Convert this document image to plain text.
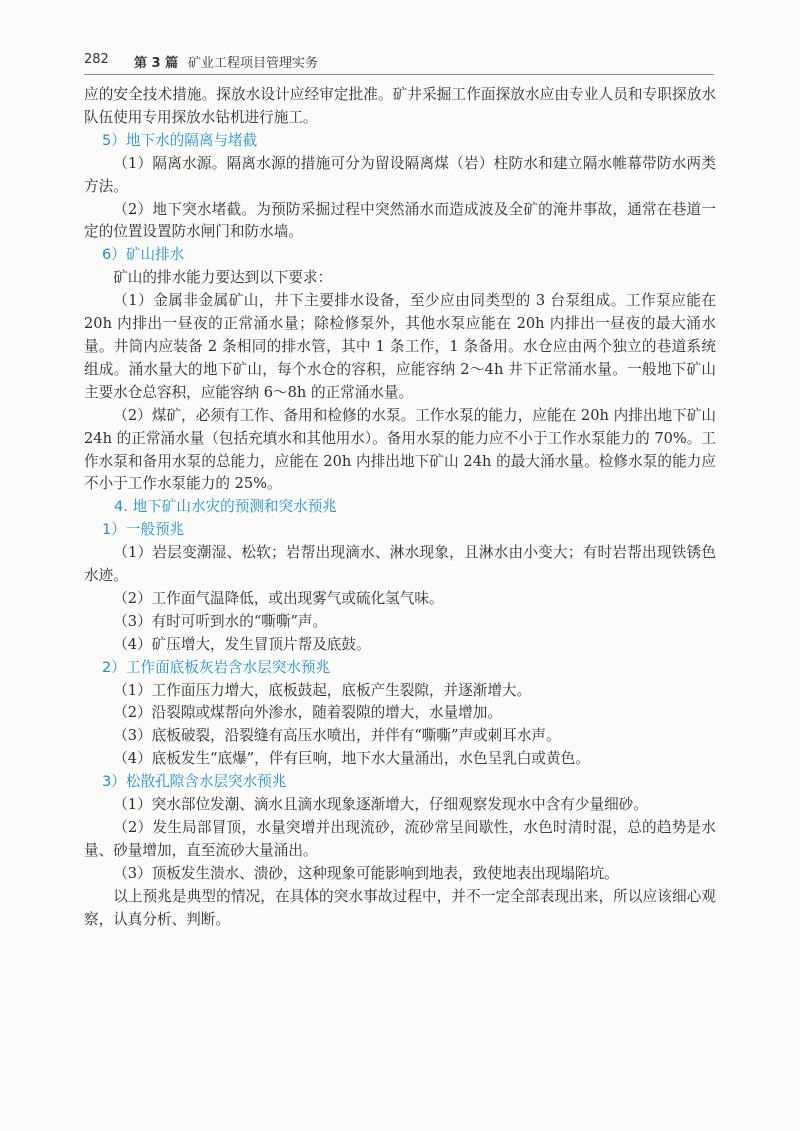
282 第 3 篇 矿业工程项目管理实务

应的安全技术措施。探放水设计应经审定批准。矿井采掘工作面探放水应由专业人员和专职探放水队伍使用专用探放水钻机进行施工。

5）地下水的隔离与堵截

（1）隔离水源。隔离水源的措施可分为留设隔离煤（岩）柱防水和建立隔水帷幕带防水两类方法。

（2）地下突水堵截。为预防采掘过程中突然涌水而造成波及全矿的淹井事故，通常在巷道一定的位置设置防水闸门和防水墙。

6）矿山排水

矿山的排水能力要达到以下要求：

（1）金属非金属矿山，井下主要排水设备，至少应由同类型的 3 台泵组成。工作泵应能在 20h 内排出一昼夜的正常涌水量；除检修泵外，其他水泵应能在 20h 内排出一昼夜的最大涌水量。井筒内应装备 2 条相同的排水管，其中 1 条工作，1 条备用。水仓应由两个独立的巷道系统组成。涌水量大的地下矿山，每个水仓的容积，应能容纳 2～4h 井下正常涌水量。一般地下矿山主要水仓总容积，应能容纳 6～8h 的正常涌水量。

（2）煤矿，必须有工作、备用和检修的水泵。工作水泵的能力，应能在 20h 内排出地下矿山 24h 的正常涌水量（包括充填水和其他用水）。备用水泵的能力应不小于工作水泵能力的 70%。工作水泵和备用水泵的总能力，应能在 20h 内排出地下矿山 24h 的最大涌水量。检修水泵的能力应不小于工作水泵能力的 25%。

4. 地下矿山水灾的预测和突水预兆
1）一般预兆

（1）岩层变潮湿、松软；岩帮出现滴水、淋水现象，且淋水由小变大；有时岩帮出现铁锈色水迹。

（2）工作面气温降低，或出现雾气或硫化氢气味。

（3）有时可听到水的“嘶嘶”声。

（4）矿压增大，发生冒顶片帮及底鼓。

2）工作面底板灰岩含水层突水预兆

（1）工作面压力增大，底板鼓起，底板产生裂隙，并逐渐增大。

（2）沿裂隙或煤帮向外渗水，随着裂隙的增大，水量增加。

（3）底板破裂，沿裂缝有高压水喷出，并伴有“嘶嘶”声或刺耳水声。

（4）底板发生“底爆”，伴有巨响，地下水大量涌出，水色呈乳白或黄色。

3）松散孔隙含水层突水预兆

（1）突水部位发潮、滴水且滴水现象逐渐增大，仔细观察发现水中含有少量细砂。

（2）发生局部冒顶，水量突增并出现流砂，流砂常呈间歇性，水色时清时混，总的趋势是水量、砂量增加，直至流砂大量涌出。

（3）顶板发生溃水、溃砂，这种现象可能影响到地表，致使地表出现塌陷坑。

以上预兆是典型的情况，在具体的突水事故过程中，并不一定全部表现出来，所以应该细心观察，认真分析、判断。
